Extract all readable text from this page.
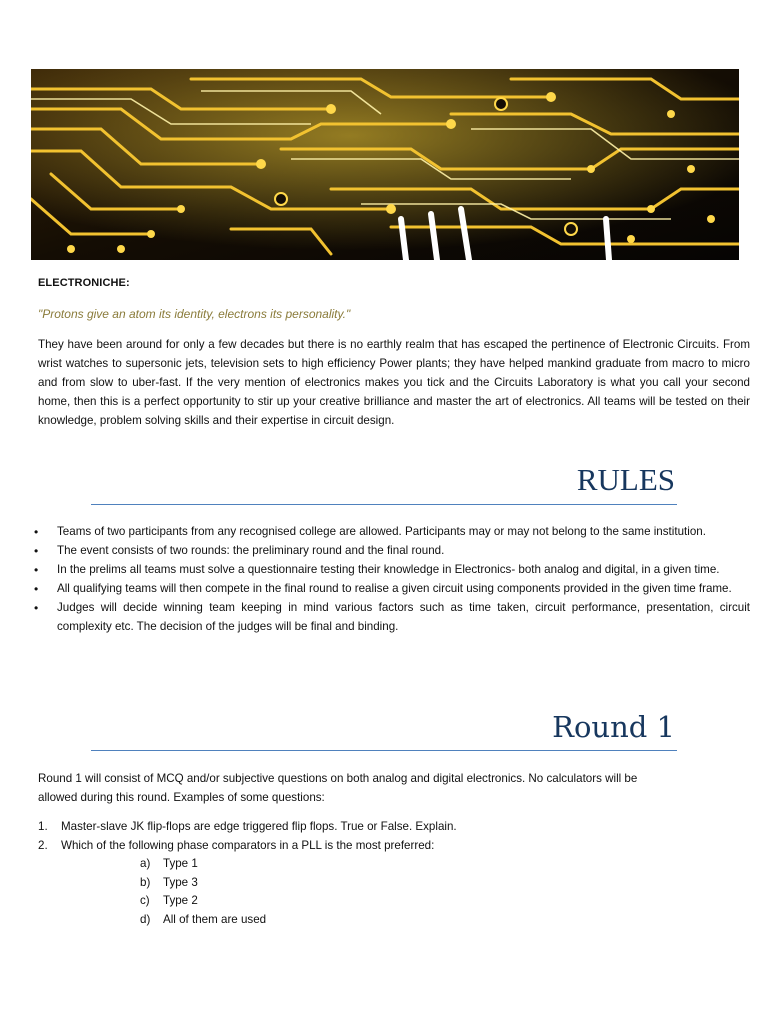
ELECTRONICHE:
"Protons give an atom its identity, electrons its personality."

They have been around for only a few decades but there is no earthly realm that has escaped the pertinence of Electronic Circuits. From wrist watches to supersonic jets, television sets to high efficiency Power plants; they have helped mankind graduate from macro to micro and from slow to uber-fast. If the very mention of electronics makes you tick and the Circuits Laboratory is what you call your second home, then this is a perfect opportunity to stir up your creative brilliance and master the art of electronics. All teams will be tested on their knowledge, problem solving skills and their expertise in circuit design.

RULES
• Teams of two participants from any recognised college are allowed. Participants may or may not belong to the same institution.
• The event consists of two rounds: the preliminary round and the final round.
• In the prelims all teams must solve a questionnaire testing their knowledge in Electronics- both analog and digital, in a given time.
• All qualifying teams will then compete in the final round to realise a given circuit using components provided in the given time frame.
• Judges will decide winning team keeping in mind various factors such as time taken, circuit performance, presentation, circuit complexity etc. The decision of the judges will be final and binding.
Round 1

Round 1 will consist of MCQ and/or subjective questions on both analog and digital electronics. No calculators will be allowed during this round. Examples of some questions:

1. Master-slave JK flip-flops are edge triggered flip flops. True or False. Explain.
2. Which of the following phase comparators in a PLL is the most preferred:
a) Type 1
b) Type 3
c) Type 2
d) All of them are used
